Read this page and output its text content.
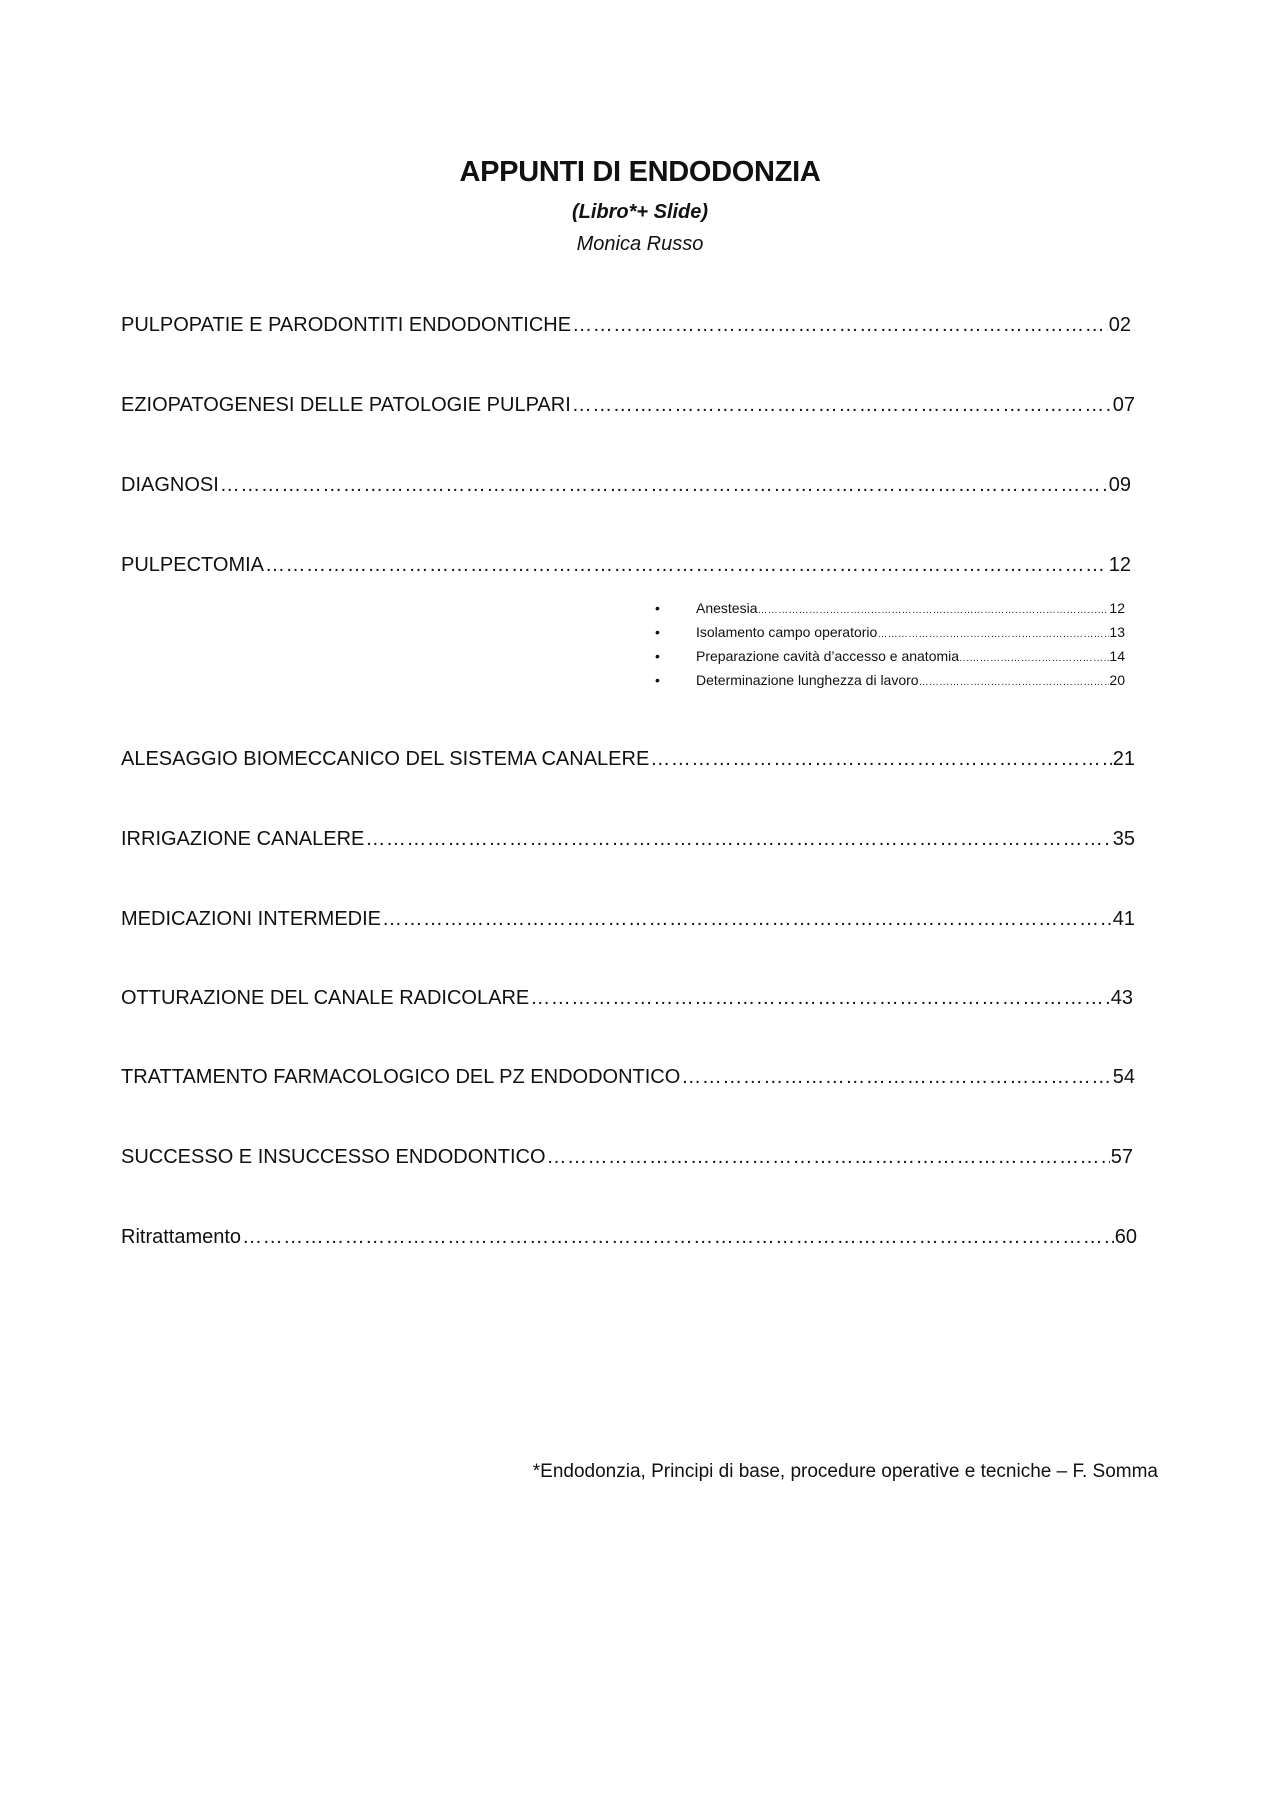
APPUNTI DI ENDODONZIA
(Libro*+ Slide)
Monica Russo
PULPOPATIE E PARODONTITI ENDODONTICHE ……………………………………………………………………………………………………………………………………………………………………………………………………………………	02
EZIOPATOGENESI DELLE PATOLOGIE PULPARI ……………………………………………………………………………………………………………………………………………………………………………………………………………………	07
DIAGNOSI ……………………………………………………………………………………………………………………………………………………………………………………………………………………	09
PULPECTOMIA ……………………………………………………………………………………………………………………………………………………………………………………………………………………	12
•	Anestesia …………………………………………………………………………………………………………………………………………………………………………	12
•	Isolamento campo operatorio …………………………………………………………………………………………………………………………………………………………………………	13
•	Preparazione cavità d’accesso e anatomia …………………………………………………………………………………………………………………………………………………………………………	14
•	Determinazione lunghezza di lavoro …………………………………………………………………………………………………………………………………………………………………………	20
ALESAGGIO BIOMECCANICO DEL SISTEMA CANALERE ……………………………………………………………………………………………………………………………………………………………………………………………………………………	21
IRRIGAZIONE CANALERE ……………………………………………………………………………………………………………………………………………………………………………………………………………………	35
MEDICAZIONI INTERMEDIE ……………………………………………………………………………………………………………………………………………………………………………………………………………………	41
OTTURAZIONE DEL CANALE RADICOLARE ……………………………………………………………………………………………………………………………………………………………………………………………………………………	43
TRATTAMENTO FARMACOLOGICO DEL PZ ENDODONTICO ……………………………………………………………………………………………………………………………………………………………………………………………………………………	54
SUCCESSO E INSUCCESSO ENDODONTICO ……………………………………………………………………………………………………………………………………………………………………………………………………………………	57
Ritrattamento ……………………………………………………………………………………………………………………………………………………………………………………………………………………	60
*Endodonzia, Principi di base, procedure operative e tecniche – F. Somma
